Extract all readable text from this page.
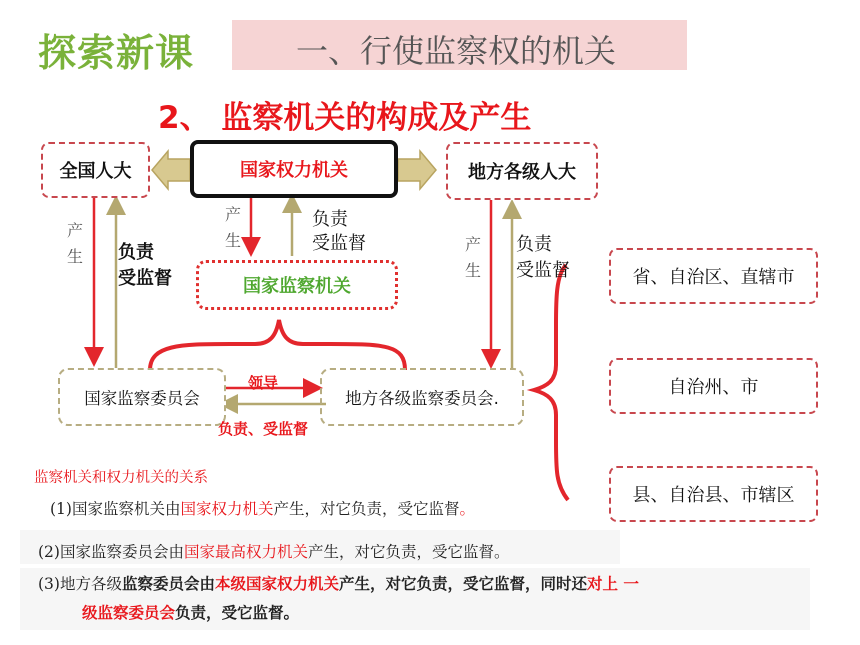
探索新课	一、行使监察权的机关
2、 监察机关的构成及产生
全国人大	国家权力机关	地方各级人大
国家监察机关
产生 负责
受监督
产生
负责
受监督	产生
负责
受监督
国家监察委员会	地方各级监察委员会.
领导
负责、受监督
省、自治区、直辖市
自治州、市
县、自治县、市辖区
监察机关和权力机关的关系
(1)国家监察机关由国家权力机关产生，对它负责，受它监督。
(2)国家监察委员会由国家最高权力机关产生，对它负责，受它监督。
(3)地方各级监察委员会由本级国家权力机关产生，对它负责，受它监督，同时还对上 一
级监察委员会负责，受它监督。
